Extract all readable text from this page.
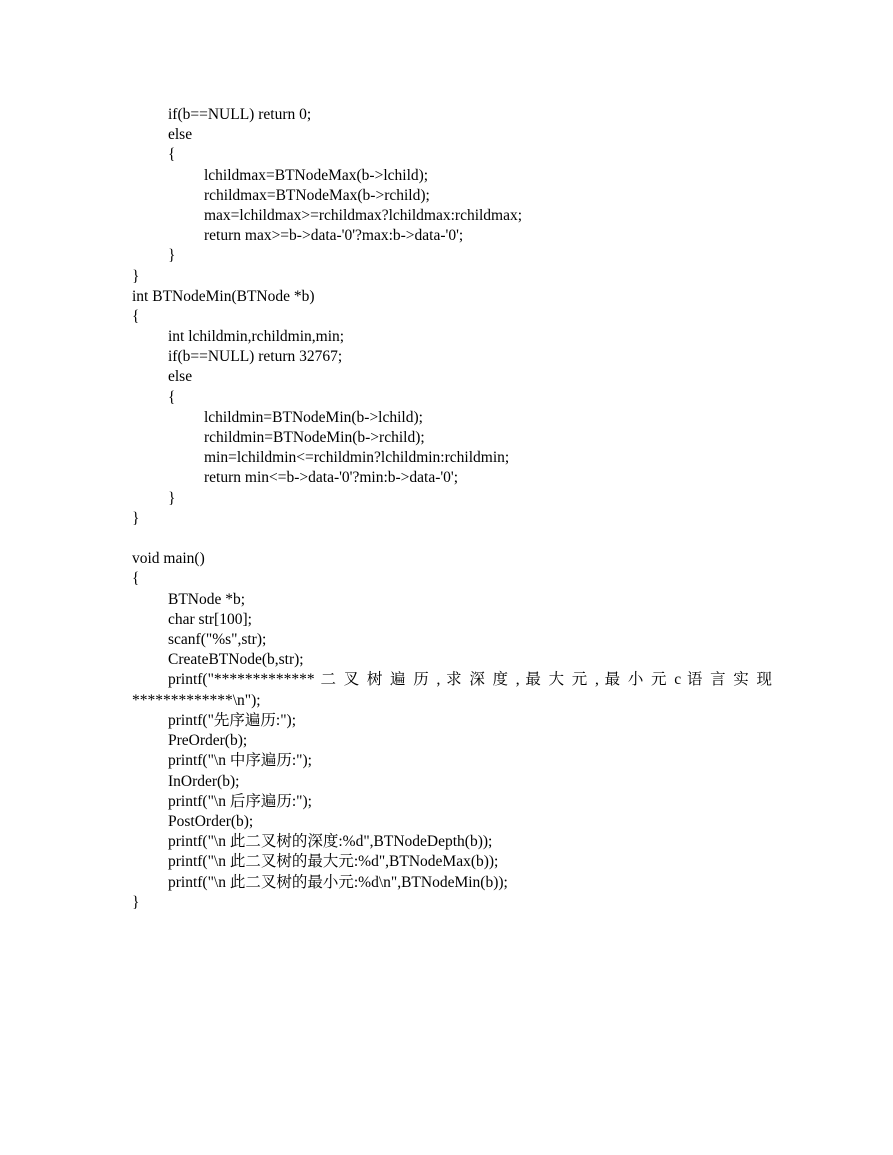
if(b==NULL) return 0;
else
{
lchildmax=BTNodeMax(b->lchild);
rchildmax=BTNodeMax(b->rchild);
max=lchildmax>=rchildmax?lchildmax:rchildmax;
return max>=b->data-'0'?max:b->data-'0';
}
}
int BTNodeMin(BTNode *b)
{
int lchildmin,rchildmin,min;
if(b==NULL) return 32767;
else
{
lchildmin=BTNodeMin(b->lchild);
rchildmin=BTNodeMin(b->rchild);
min=lchildmin<=rchildmin?lchildmin:rchildmin;
return min<=b->data-'0'?min:b->data-'0';
}
}
void main()
{
BTNode *b;
char str[100];
scanf("%s",str);
CreateBTNode(b,str);
printf("************* 二 叉 树 遍 历 , 求 深 度 , 最 大 元 , 最 小 元 c 语 言 实 现
*************\n");
printf("先序遍历:");
PreOrder(b);
printf("\n 中序遍历:");
InOrder(b);
printf("\n 后序遍历:");
PostOrder(b);
printf("\n 此二叉树的深度:%d",BTNodeDepth(b));
printf("\n 此二叉树的最大元:%d",BTNodeMax(b));
printf("\n 此二叉树的最小元:%d\n",BTNodeMin(b));
}
